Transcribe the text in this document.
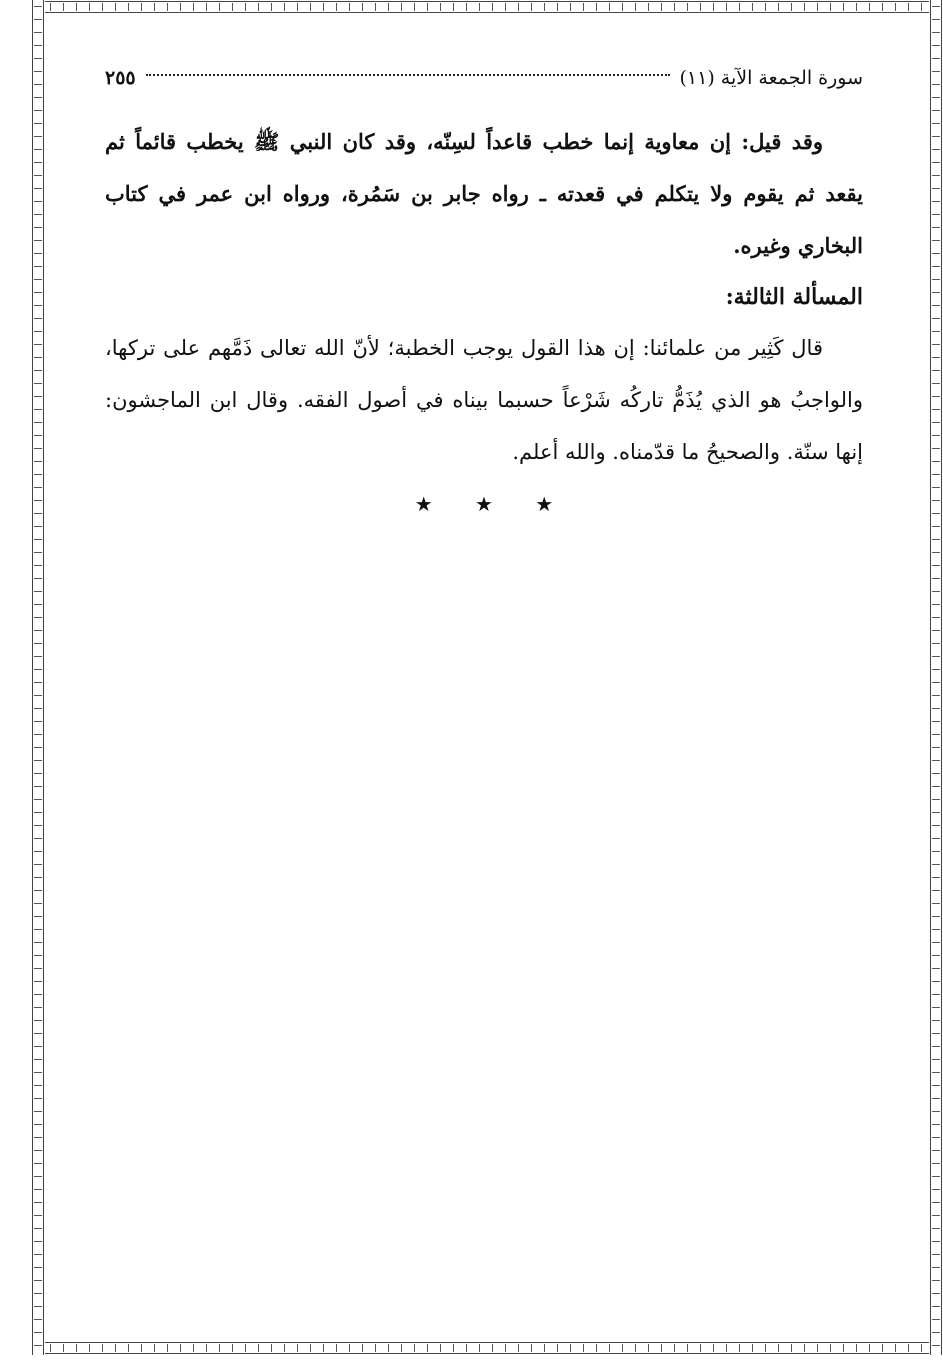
سورة الجمعة الآية (١١)
٢٥٥

وقد قيل: إن معاوية إنما خطب قاعداً لسِنّه، وقد كان النبي ﷺ يخطب قائماً ثم يقعد ثم يقوم ولا يتكلم في قعدته ـ رواه جابر بن سَمُرة، ورواه ابن عمر في كتاب البخاري وغيره.

المسألة الثالثة:

قال كَثِير من علمائنا: إن هذا القول يوجب الخطبة؛ لأنّ الله تعالى ذَمَّهم على تركها، والواجبُ هو الذي يُذَمُّ تاركُه شَرْعاً حسبما بيناه في أصول الفقه. وقال ابن الماجشون: إنها سنّة. والصحيحُ ما قدّمناه. والله أعلم.

★ ★ ★
